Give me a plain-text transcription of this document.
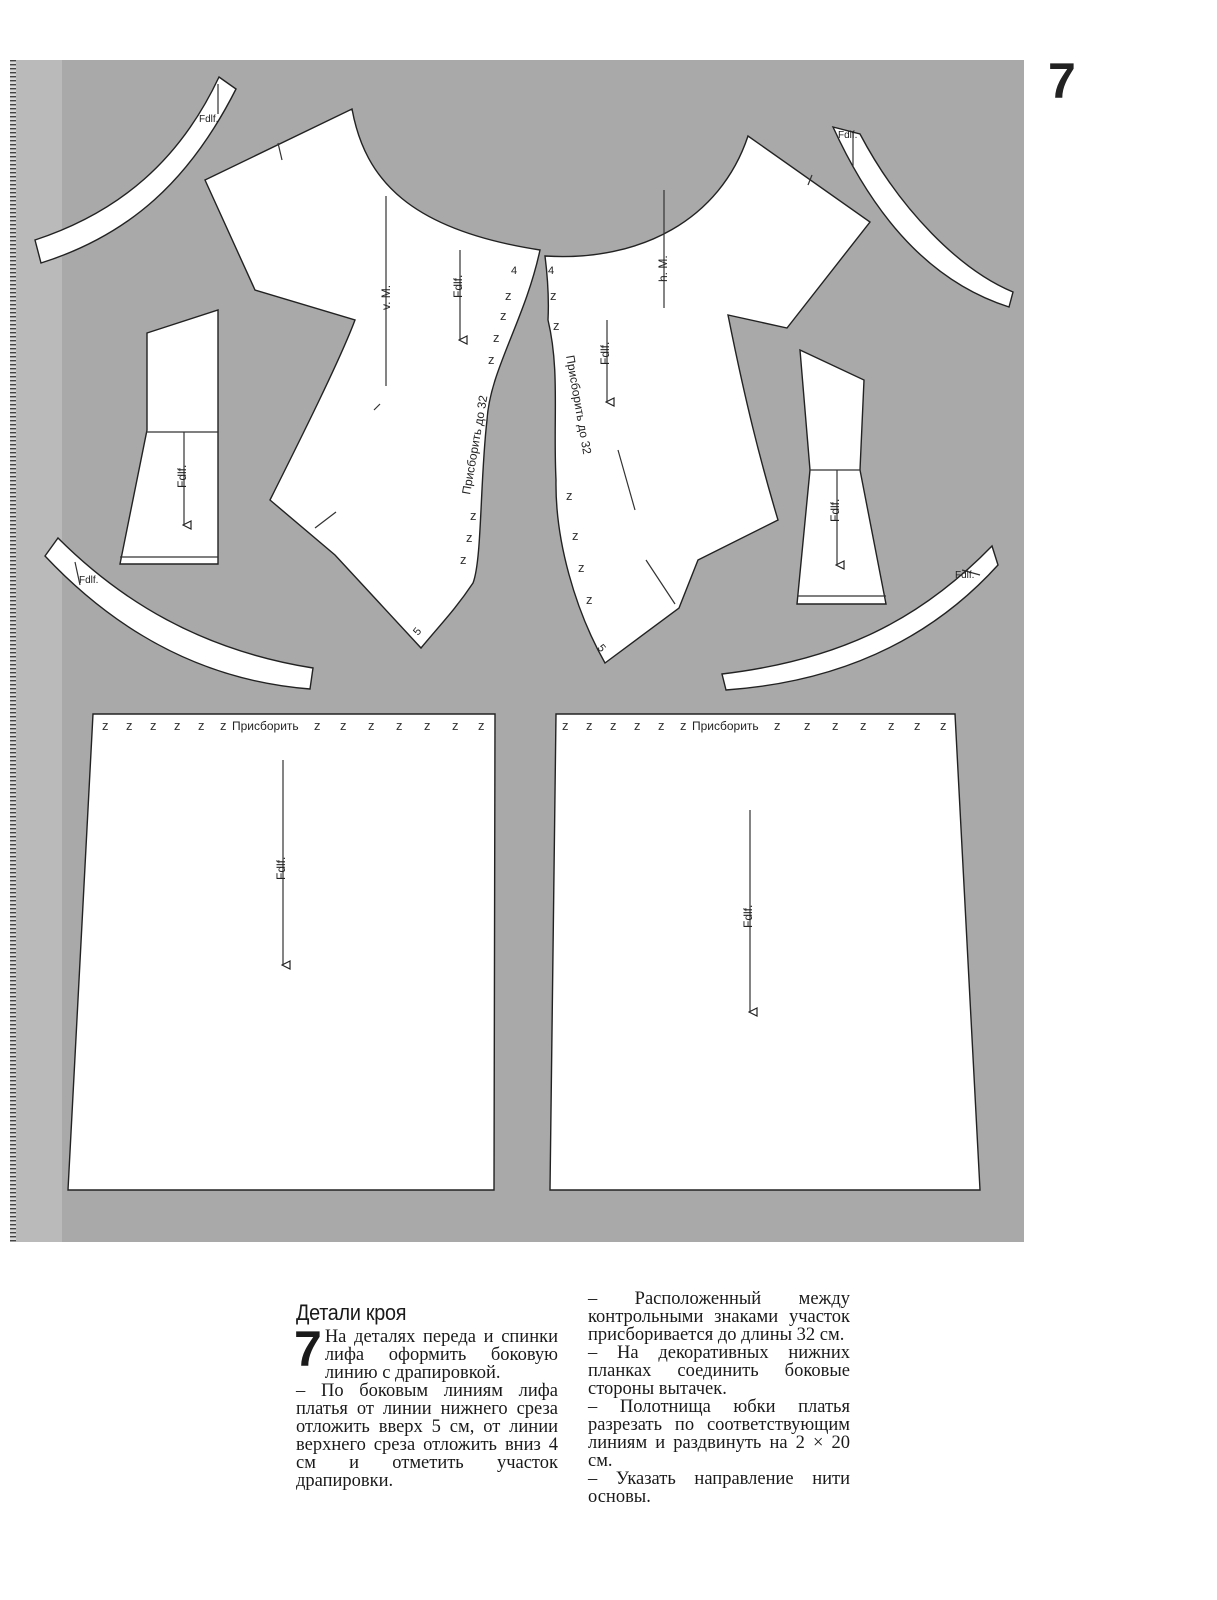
7

Fdlf.
Fdlf.
Fdlf.	Fdlf.
Fdlf.
v. M.
Присборить до 32
4
5
z
z
z
z
z
z
z
Fdlf.
h. M.
Присборить до 32
4
5
z
z
z
z
z
z
Fdlf.
Fdlf.
Присборить
z z z z z z	z z z z z z z
Fdlf.
Присборить
z z z z z z	z z z z z z z
Fdlf.
Детали кроя

7 На деталях переда и спинки лифа оформить боковую линию с драпировкой.

– По боковым линиям лифа платья от линии нижнего среза отложить вверх 5 см, от линии верхнего среза отложить вниз 4 см и отметить участок драпировки.

– Расположенный между контрольными знаками участок присборивается до длины 32 см.

– На декоративных нижних планках соединить боковые стороны вытачек.

– Полотнища юбки платья разрезать по соответствующим линиям и раздвинуть на 2 × 20 см.

– Указать направление нити основы.
